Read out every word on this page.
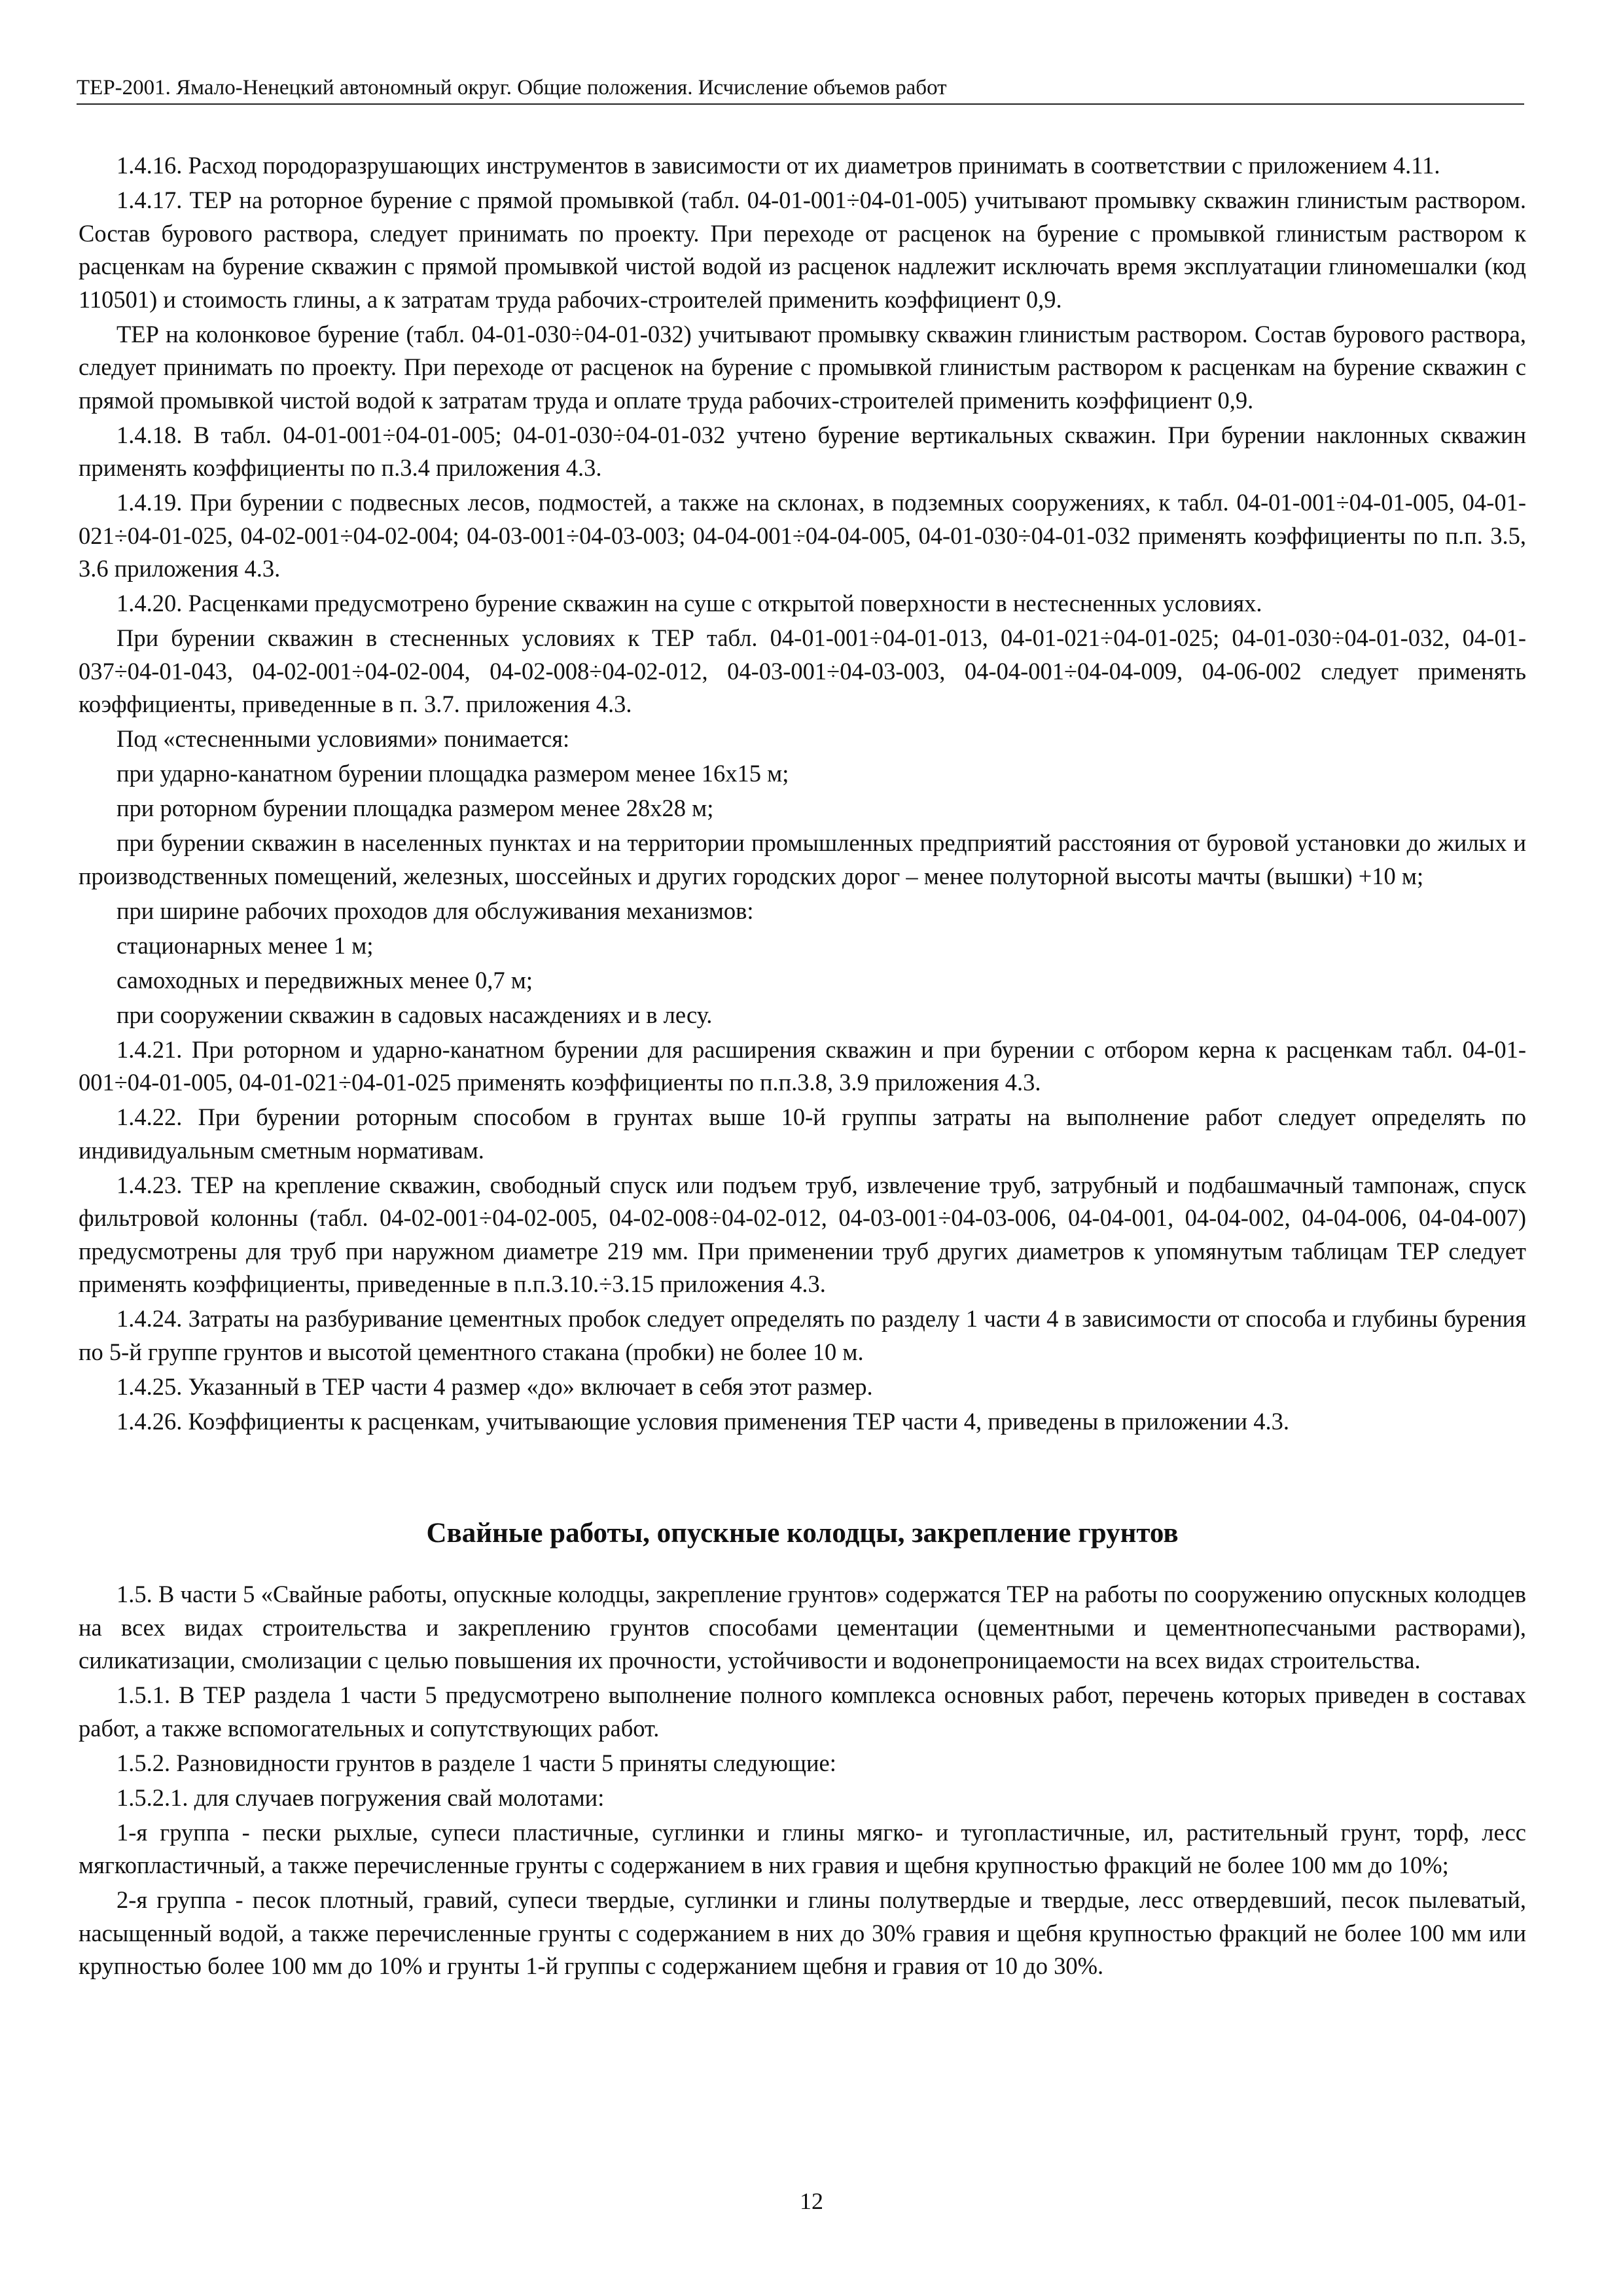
ТЕР-2001. Ямало-Ненецкий автономный округ. Общие положения. Исчисление объемов работ

1.4.16. Расход породоразрушающих инструментов в зависимости от их диаметров принимать в соответствии с приложением 4.11.

1.4.17. ТЕР на роторное бурение с прямой промывкой (табл. 04-01-001÷04-01-005) учитывают промывку скважин глинистым раствором. Состав бурового раствора, следует принимать по проекту. При переходе от расценок на бурение с промывкой глинистым раствором к расценкам на бурение скважин с прямой промывкой чистой водой из расценок надлежит исключать время эксплуатации глиномешалки (код 110501) и стоимость глины, а к затратам труда рабочих-строителей применить коэффициент 0,9.

ТЕР на колонковое бурение (табл. 04-01-030÷04-01-032) учитывают промывку скважин глинистым раствором. Состав бурового раствора, следует принимать по проекту. При переходе от расценок на бурение с промывкой глинистым раствором к расценкам на бурение скважин с прямой промывкой чистой водой к затратам труда и оплате труда рабочих-строителей применить коэффициент 0,9.

1.4.18. В табл. 04-01-001÷04-01-005; 04-01-030÷04-01-032 учтено бурение вертикальных скважин. При бурении наклонных скважин применять коэффициенты по п.3.4 приложения 4.3.

1.4.19. При бурении с подвесных лесов, подмостей, а также на склонах, в подземных сооружениях, к табл. 04-01-001÷04-01-005, 04-01-021÷04-01-025, 04-02-001÷04-02-004; 04-03-001÷04-03-003; 04-04-001÷04-04-005, 04-01-030÷04-01-032 применять коэффициенты по п.п. 3.5, 3.6 приложения 4.3.

1.4.20. Расценками предусмотрено бурение скважин на суше с открытой поверхности в нестесненных условиях.

При бурении скважин в стесненных условиях к ТЕР табл. 04-01-001÷04-01-013, 04-01-021÷04-01-025; 04-01-030÷04-01-032, 04-01-037÷04-01-043, 04-02-001÷04-02-004, 04-02-008÷04-02-012, 04-03-001÷04-03-003, 04-04-001÷04-04-009, 04-06-002 следует применять коэффициенты, приведенные в п. 3.7. приложения 4.3.

Под «стесненными условиями» понимается:

при ударно-канатном бурении площадка размером менее 16х15 м;

при роторном бурении площадка размером менее 28х28 м;

при бурении скважин в населенных пунктах и на территории промышленных предприятий расстояния от буровой установки до жилых и производственных помещений, железных, шоссейных и других городских дорог – менее полуторной высоты мачты (вышки) +10 м;

при ширине рабочих проходов для обслуживания механизмов:

стационарных менее 1 м;

самоходных и передвижных менее 0,7 м;

при сооружении скважин в садовых насаждениях и в лесу.

1.4.21. При роторном и ударно-канатном бурении для расширения скважин и при бурении с отбором керна к расценкам табл. 04-01-001÷04-01-005, 04-01-021÷04-01-025 применять коэффициенты по п.п.3.8, 3.9 приложения 4.3.

1.4.22. При бурении роторным способом в грунтах выше 10-й группы затраты на выполнение работ следует определять по индивидуальным сметным нормативам.

1.4.23. ТЕР на крепление скважин, свободный спуск или подъем труб, извлечение труб, затрубный и подбашмачный тампонаж, спуск фильтровой колонны (табл. 04-02-001÷04-02-005, 04-02-008÷04-02-012, 04-03-001÷04-03-006, 04-04-001, 04-04-002, 04-04-006, 04-04-007) предусмотрены для труб при наружном диаметре 219 мм. При применении труб других диаметров к упомянутым таблицам ТЕР следует применять коэффициенты, приведенные в п.п.3.10.÷3.15 приложения 4.3.

1.4.24. Затраты на разбуривание цементных пробок следует определять по разделу 1 части 4 в зависимости от способа и глубины бурения по 5-й группе грунтов и высотой цементного стакана (пробки) не более 10 м.

1.4.25. Указанный в ТЕР части 4 размер «до» включает в себя этот размер.

1.4.26. Коэффициенты к расценкам, учитывающие условия применения ТЕР части 4, приведены в приложении 4.3.

Свайные работы, опускные колодцы, закрепление грунтов

1.5. В части 5 «Свайные работы, опускные колодцы, закрепление грунтов» содержатся ТЕР на работы по сооружению опускных колодцев на всех видах строительства и закреплению грунтов способами цементации (цементными и цементнопесчаными растворами), силикатизации, смолизации с целью повышения их прочности, устойчивости и водонепроницаемости на всех видах строительства.

1.5.1. В ТЕР раздела 1 части 5 предусмотрено выполнение полного комплекса основных работ, перечень которых приведен в составах работ, а также вспомогательных и сопутствующих работ.

1.5.2. Разновидности грунтов в разделе 1 части 5 приняты следующие:

1.5.2.1. для случаев погружения свай молотами:

1-я группа - пески рыхлые, супеси пластичные, суглинки и глины мягко- и тугопластичные, ил, растительный грунт, торф, лесс мягкопластичный, а также перечисленные грунты с содержанием в них гравия и щебня крупностью фракций не более 100 мм до 10%;

2-я группа - песок плотный, гравий, супеси твердые, суглинки и глины полутвердые и твердые, лесс отвердевший, песок пылеватый, насыщенный водой, а также перечисленные грунты с содержанием в них до 30% гравия и щебня крупностью фракций не более 100 мм или крупностью более 100 мм до 10% и грунты 1-й группы с содержанием щебня и гравия от 10 до 30%.

12
